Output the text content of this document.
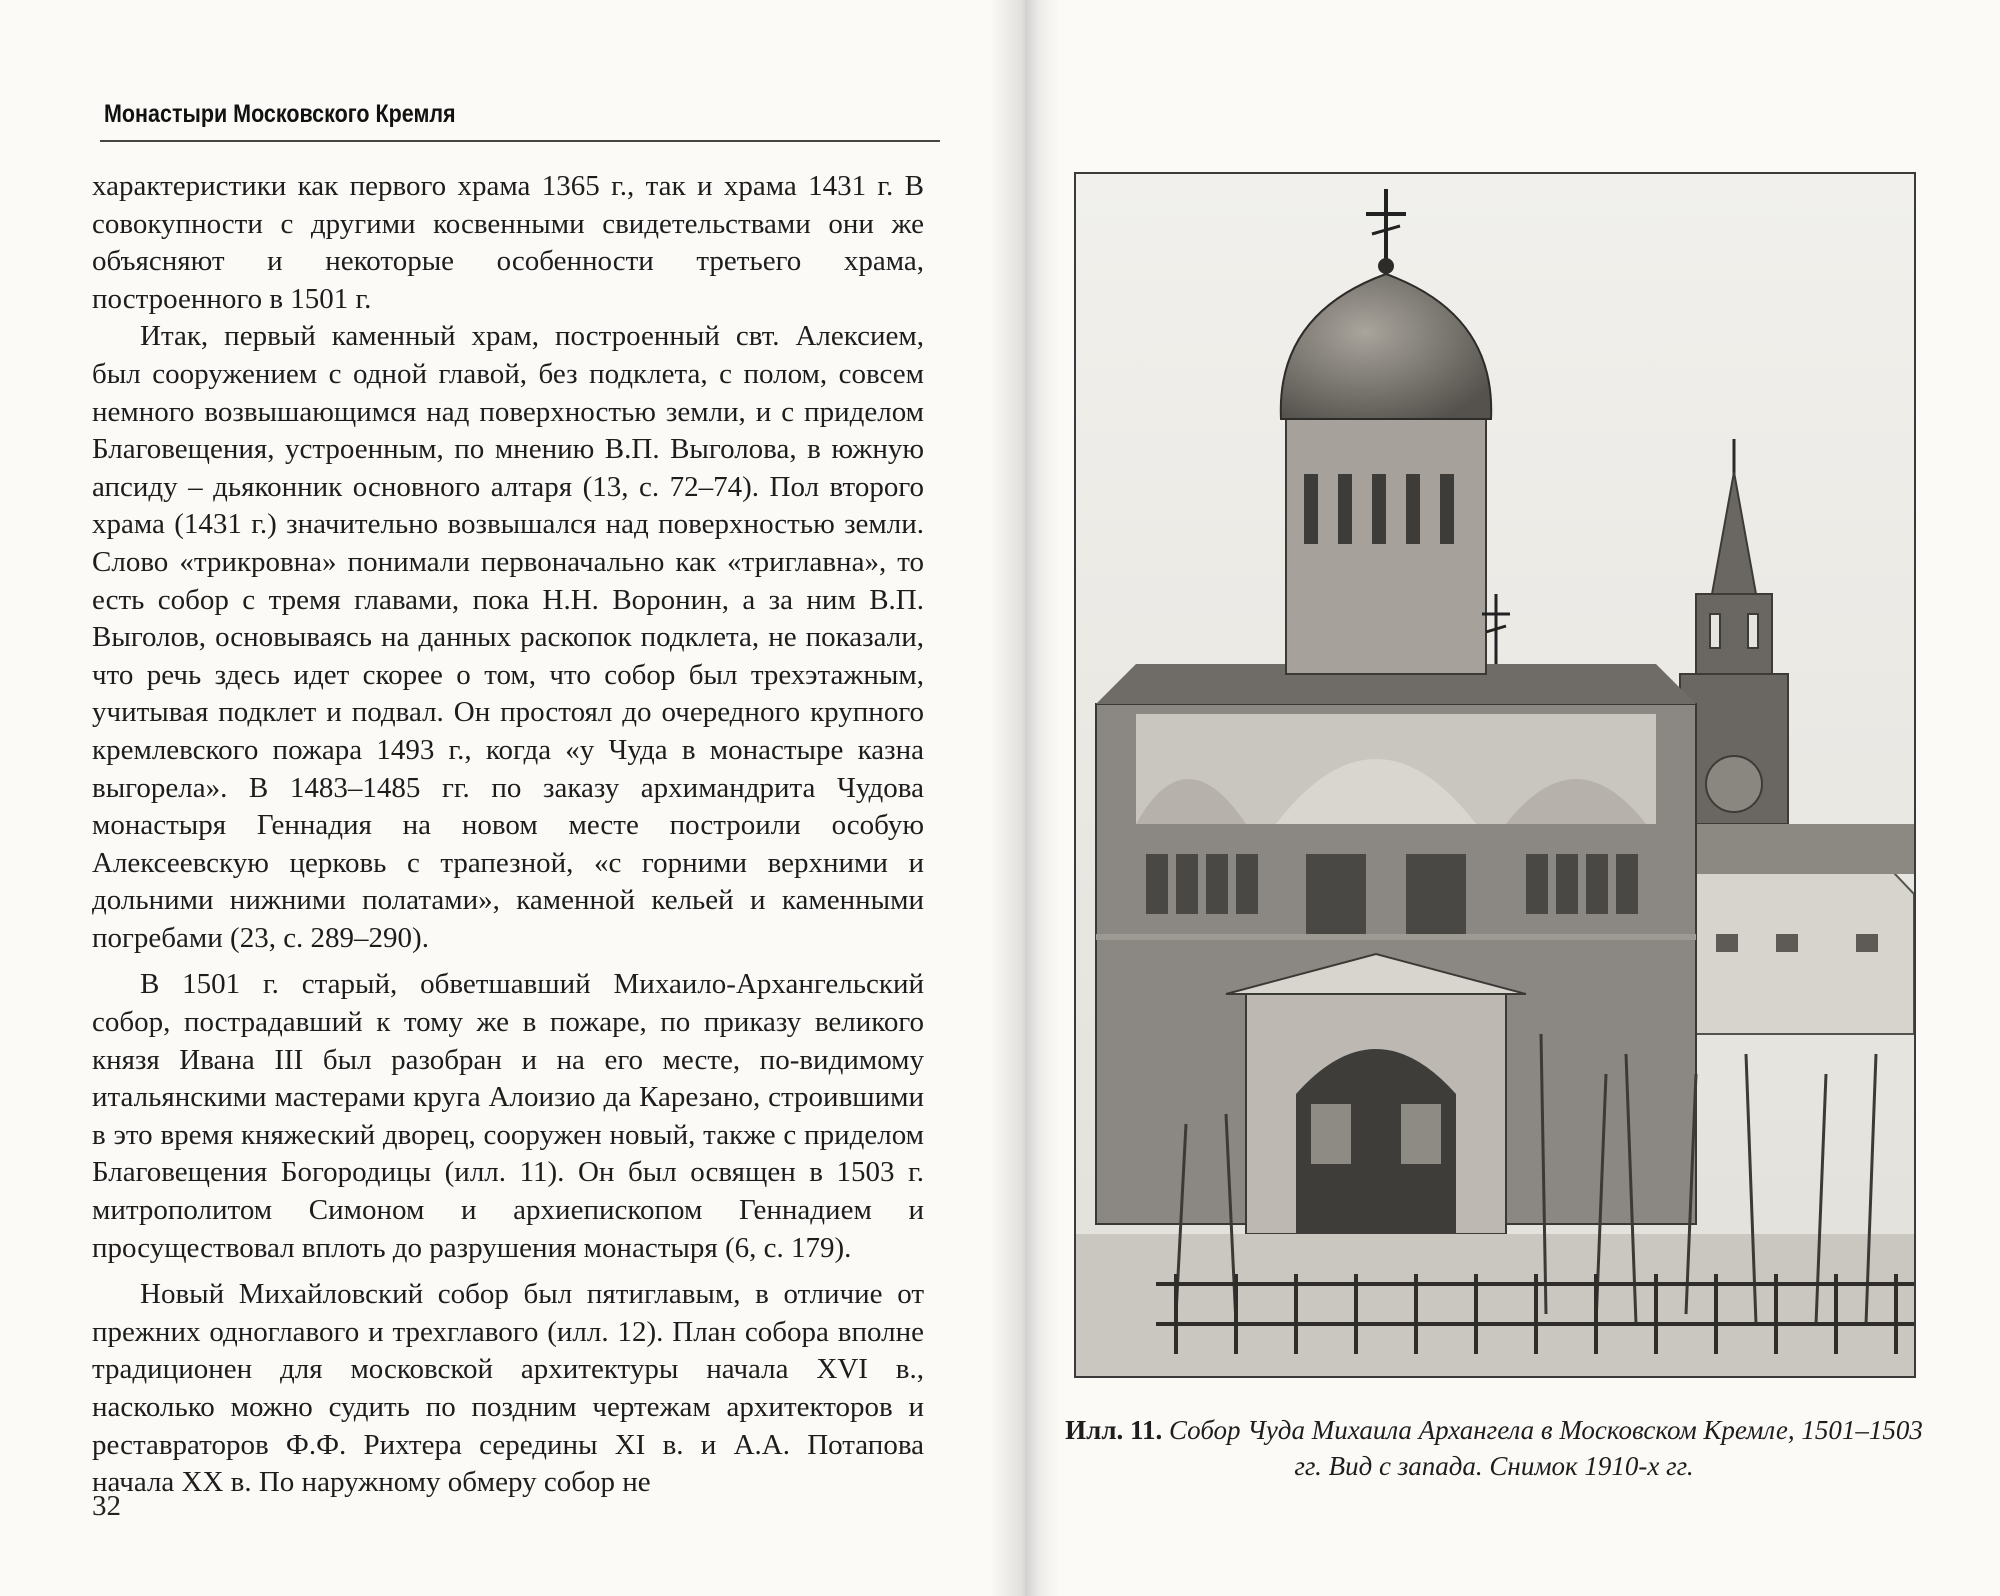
Монастыри Московского Кремля

характеристики как первого храма 1365 г., так и храма 1431 г. В совокупности с другими косвенными свидетельствами они же объясняют и некоторые особенности третьего храма, построенного в 1501 г.

Итак, первый каменный храм, построенный свт. Алексием, был сооружением с одной главой, без подклета, с полом, совсем немного возвышающимся над поверхностью земли, и с приделом Благовещения, устроенным, по мнению В.П. Выголова, в южную апсиду – дьяконник основного алтаря (13, с. 72–74). Пол второго храма (1431 г.) значительно возвышался над поверхностью земли. Слово «трикровна» понимали первоначально как «триглавна», то есть собор с тремя главами, пока Н.Н. Воронин, а за ним В.П. Выголов, основываясь на данных раскопок подклета, не показали, что речь здесь идет скорее о том, что собор был трехэтажным, учитывая подклет и подвал. Он простоял до очередного крупного кремлевского пожара 1493 г., когда «у Чуда в монастыре казна выгорела». В 1483–1485 гг. по заказу архимандрита Чудова монастыря Геннадия на новом месте построили особую Алексеевскую церковь с трапезной, «с горними верхними и дольними нижними полатами», каменной кельей и каменными погребами (23, с. 289–290).

В 1501 г. старый, обветшавший Михаило-Архангельский собор, пострадавший к тому же в пожаре, по приказу великого князя Ивана III был разобран и на его месте, по-видимому итальянскими мастерами круга Алоизио да Карезано, строившими в это время княжеский дворец, сооружен новый, также с приделом Благовещения Богородицы (илл. 11). Он был освящен в 1503 г. митрополитом Симоном и архиепископом Геннадием и просуществовал вплоть до разрушения монастыря (6, с. 179).

Новый Михайловский собор был пятиглавым, в отличие от прежних одноглавого и трехглавого (илл. 12). План собора вполне традиционен для московской архитектуры начала XVI в., насколько можно судить по поздним чертежам архитекторов и реставраторов Ф.Ф. Рихтера середины XI в. и А.А. Потапова начала XX в. По наружному обмеру собор не

32
Илл. 11. Собор Чуда Михаила Архангела в Московском Кремле, 1501–1503 гг. Вид с запада. Снимок 1910-х гг.
